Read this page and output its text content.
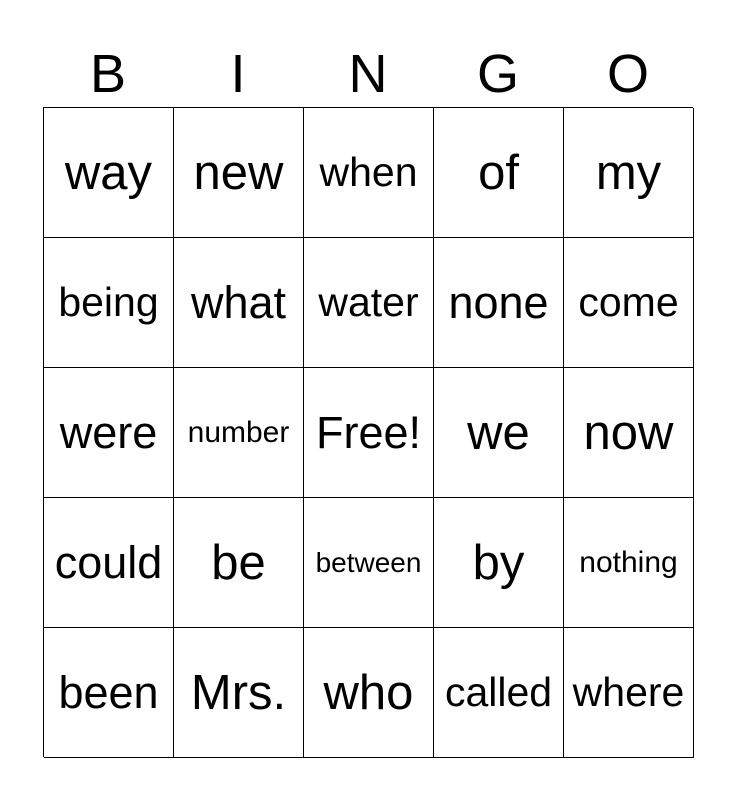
B	I	N	G	O
way new when of my
being what water none come
were number Free! we now
could be between by nothing
been Mrs. who called where
